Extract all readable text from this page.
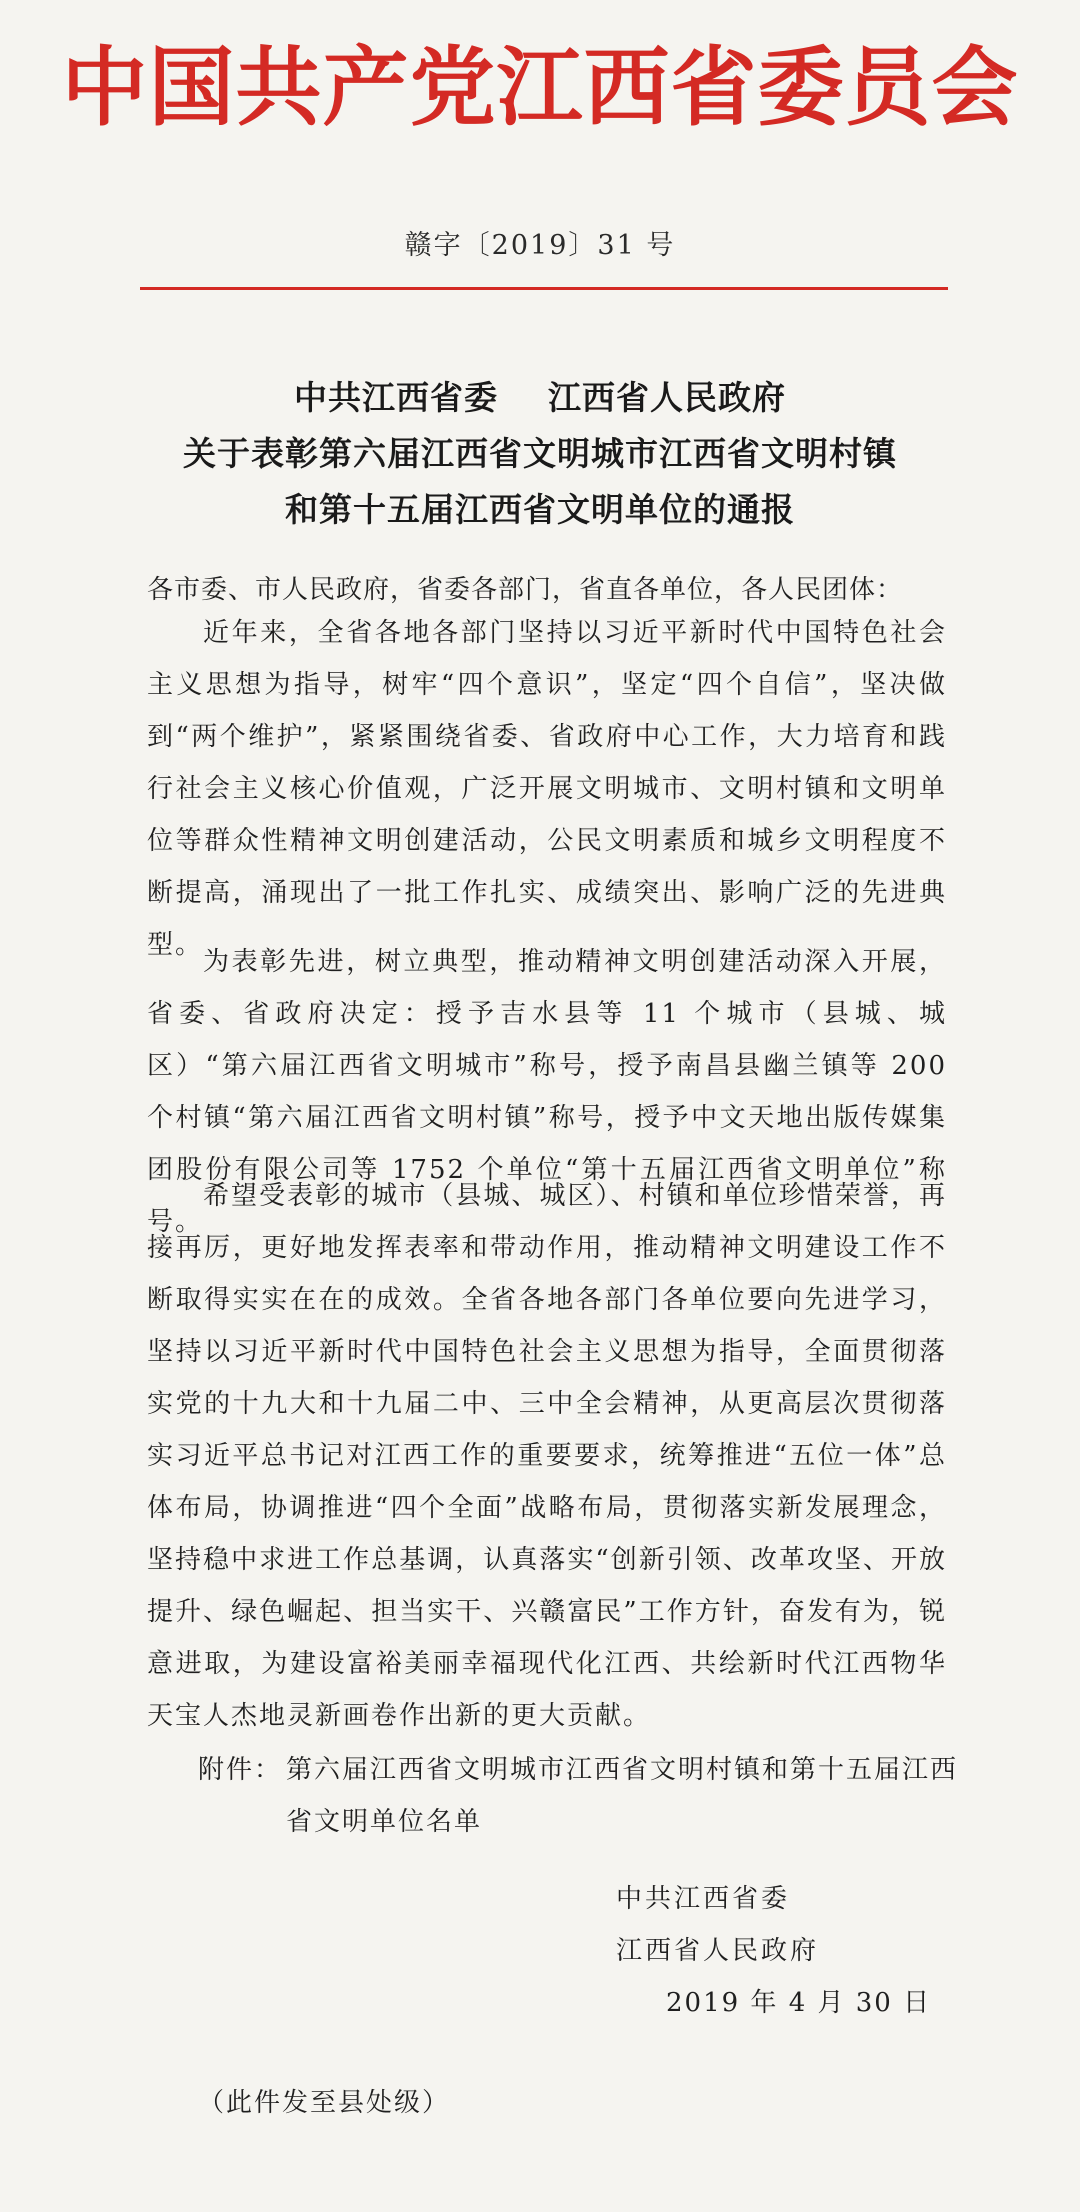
中国共产党江西省委员会
赣字〔2019〕31 号
中共江西省委    江西省人民政府
关于表彰第六届江西省文明城市江西省文明村镇
和第十五届江西省文明单位的通报
各市委、市人民政府，省委各部门，省直各单位，各人民团体：
近年来，全省各地各部门坚持以习近平新时代中国特色社会主义思想为指导，树牢“四个意识”，坚定“四个自信”，坚决做到“两个维护”，紧紧围绕省委、省政府中心工作，大力培育和践行社会主义核心价值观，广泛开展文明城市、文明村镇和文明单位等群众性精神文明创建活动，公民文明素质和城乡文明程度不断提高，涌现出了一批工作扎实、成绩突出、影响广泛的先进典型。
为表彰先进，树立典型，推动精神文明创建活动深入开展，省委、省政府决定：授予吉水县等 11 个城市（县城、城区）“第六届江西省文明城市”称号，授予南昌县幽兰镇等 200 个村镇“第六届江西省文明村镇”称号，授予中文天地出版传媒集团股份有限公司等 1752 个单位“第十五届江西省文明单位”称号。
希望受表彰的城市（县城、城区）、村镇和单位珍惜荣誉，再接再厉，更好地发挥表率和带动作用，推动精神文明建设工作不断取得实实在在的成效。全省各地各部门各单位要向先进学习，坚持以习近平新时代中国特色社会主义思想为指导，全面贯彻落实党的十九大和十九届二中、三中全会精神，从更高层次贯彻落实习近平总书记对江西工作的重要要求，统筹推进“五位一体”总体布局，协调推进“四个全面”战略布局，贯彻落实新发展理念，坚持稳中求进工作总基调，认真落实“创新引领、改革攻坚、开放提升、绿色崛起、担当实干、兴赣富民”工作方针，奋发有为，锐意进取，为建设富裕美丽幸福现代化江西、共绘新时代江西物华天宝人杰地灵新画卷作出新的更大贡献。
附件： 第六届江西省文明城市江西省文明村镇和第十五届江西省文明单位名单
中共江西省委
江西省人民政府
2019 年 4 月 30 日
（此件发至县处级）
